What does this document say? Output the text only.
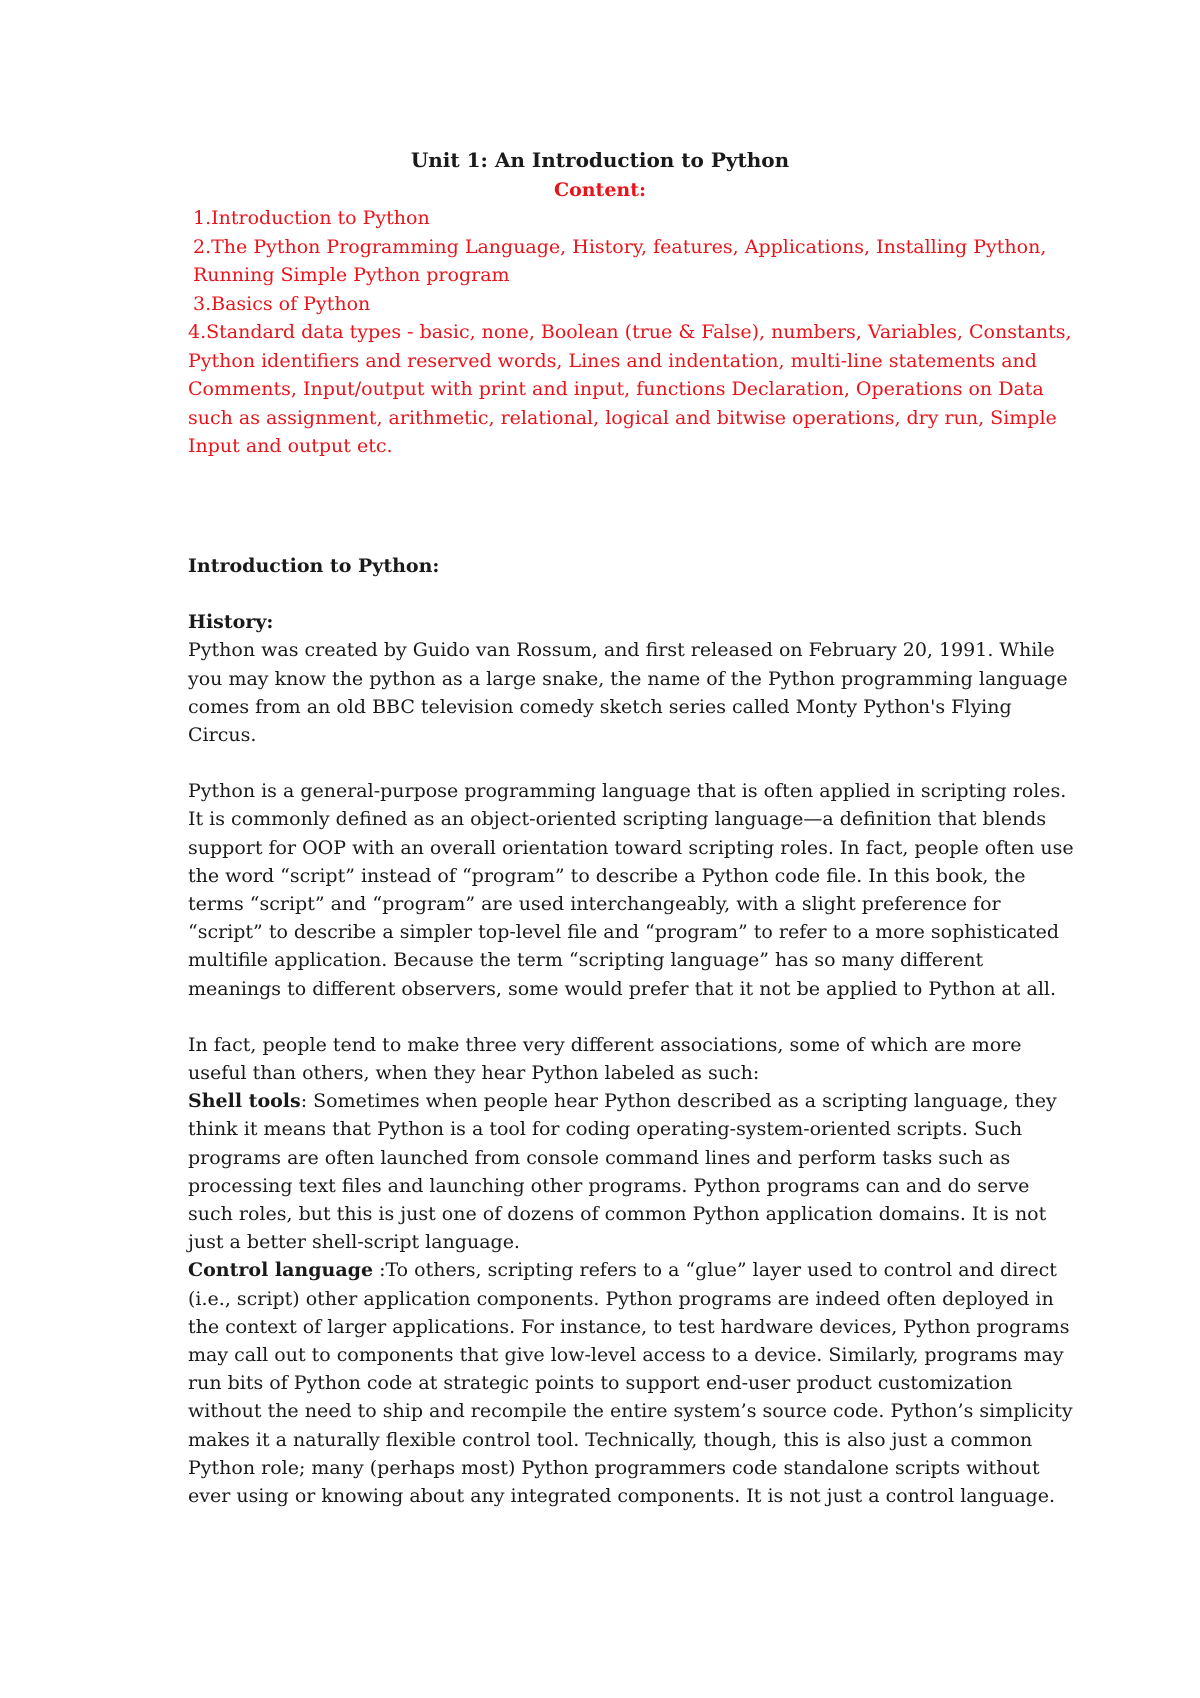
Unit 1: An Introduction to Python
Content:
1.Introduction to Python
2.The Python Programming Language, History, features, Applications, Installing Python, Running Simple Python program
3.Basics of Python
4.Standard data types - basic, none, Boolean (true & False), numbers, Variables, Constants, Python identifiers and reserved words, Lines and indentation, multi-line statements and Comments, Input/output with print and input, functions Declaration, Operations on Data such as assignment, arithmetic, relational, logical and bitwise operations, dry run, Simple Input and output etc.
Introduction to Python:
History:

Python was created by Guido van Rossum, and first released on February 20, 1991. While you may know the python as a large snake, the name of the Python programming language comes from an old BBC television comedy sketch series called Monty Python's Flying Circus.

Python is a general-purpose programming language that is often applied in scripting roles. It is commonly defined as an object-oriented scripting language—a definition that blends support for OOP with an overall orientation toward scripting roles. In fact, people often use the word “script” instead of “program” to describe a Python code file. In this book, the terms “script” and “program” are used interchangeably, with a slight preference for “script” to describe a simpler top-level file and “program” to refer to a more sophisticated multifile application. Because the term “scripting language” has so many different meanings to different observers, some would prefer that it not be applied to Python at all.

In fact, people tend to make three very different associations, some of which are more useful than others, when they hear Python labeled as such:

Shell tools: Sometimes when people hear Python described as a scripting language, they think it means that Python is a tool for coding operating-system-oriented scripts. Such programs are often launched from console command lines and perform tasks such as processing text files and launching other programs. Python programs can and do serve such roles, but this is just one of dozens of common Python application domains. It is not just a better shell-script language.

Control language :To others, scripting refers to a “glue” layer used to control and direct (i.e., script) other application components. Python programs are indeed often deployed in the context of larger applications. For instance, to test hardware devices, Python programs may call out to components that give low-level access to a device. Similarly, programs may run bits of Python code at strategic points to support end-user product customization without the need to ship and recompile the entire system’s source code. Python’s simplicity makes it a naturally flexible control tool. Technically, though, this is also just a common Python role; many (perhaps most) Python programmers code standalone scripts without ever using or knowing about any integrated components. It is not just a control language.
